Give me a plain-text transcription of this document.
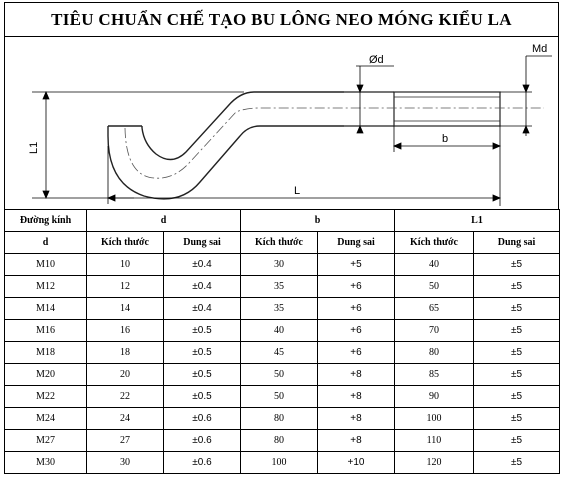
TIÊU CHUẨN CHẾ TẠO BU LÔNG NEO MÓNG KIỂU LA
Ød
Md
L1
b
L
Đường kính	d		b		L1	
d	Kích thước	Dung sai	Kích thước	Dung sai	Kích thước	Dung sai
M10	10	±0.4	30	+5	40	±5
M12	12	±0.4	35	+6	50	±5
M14	14	±0.4	35	+6	65	±5
M16	16	±0.5	40	+6	70	±5
M18	18	±0.5	45	+6	80	±5
M20	20	±0.5	50	+8	85	±5
M22	22	±0.5	50	+8	90	±5
M24	24	±0.6	80	+8	100	±5
M27	27	±0.6	80	+8	110	±5
M30	30	±0.6	100	+10	120	±5
